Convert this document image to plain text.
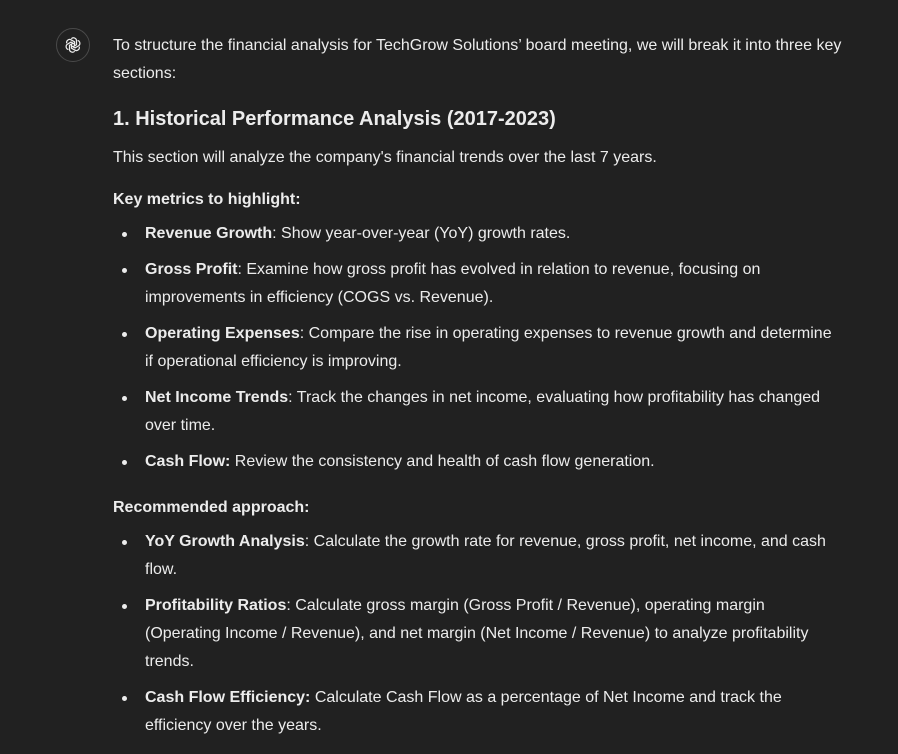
To structure the financial analysis for TechGrow Solutions’ board meeting, we will break it into three key sections:

1. Historical Performance Analysis (2017-2023)

This section will analyze the company's financial trends over the last 7 years.

Key metrics to highlight:

Revenue Growth: Show year-over-year (YoY) growth rates.
Gross Profit: Examine how gross profit has evolved in relation to revenue, focusing on improvements in efficiency (COGS vs. Revenue).
Operating Expenses: Compare the rise in operating expenses to revenue growth and determine if operational efficiency is improving.
Net Income Trends: Track the changes in net income, evaluating how profitability has changed over time.
Cash Flow: Review the consistency and health of cash flow generation.

Recommended approach:

YoY Growth Analysis: Calculate the growth rate for revenue, gross profit, net income, and cash flow.
Profitability Ratios: Calculate gross margin (Gross Profit / Revenue), operating margin (Operating Income / Revenue), and net margin (Net Income / Revenue) to analyze profitability trends.
Cash Flow Efficiency: Calculate Cash Flow as a percentage of Net Income and track the efficiency over the years.
